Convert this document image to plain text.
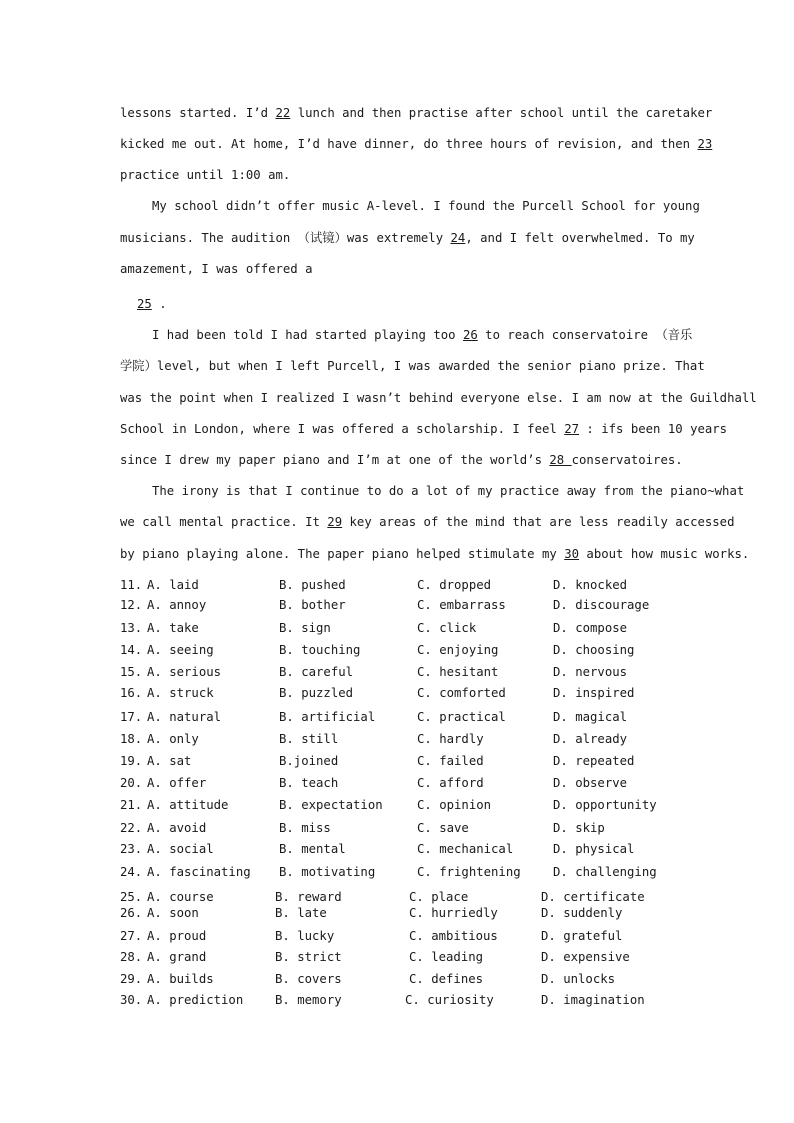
lessons started. I’d 22 lunch and then practise after school until the caretaker
kicked me out. At home, I’d have dinner, do three hours of revision, and then 23
practice until 1:00 am.
My school didn’t offer music A-level. I found the Purcell School for young
musicians. The audition （试镜）was extremely 24, and I felt overwhelmed. To my
amazement, I was offered a
25 .
I had been told I had started playing too 26 to reach conservatoire （音乐
学院）level, but when I left Purcell, I was awarded the senior piano prize. That
was the point when I realized I wasn’t behind everyone else. I am now at the Guildhall
School in London, where I was offered a scholarship. I feel 27 : ifs been 10 years
since I drew my paper piano and I’m at one of the world’s 28 conservatoires.
The irony is that I continue to do a lot of my practice away from the piano~what
we call mental practice. It 29 key areas of the mind that are less readily accessed
by piano playing alone. The paper piano helped stimulate my 30 about how music works.
11. A. laid	B. pushed	C. dropped	D. knocked
12. A. annoy	B. bother	C. embarrass	D. discourage
13. A. take	B. sign	C. click	D. compose
14. A. seeing	B. touching	C. enjoying	D. choosing
15. A. serious	B. careful	C. hesitant	D. nervous
16. A. struck	B. puzzled	C. comforted	D. inspired
17. A. natural	B. artificial	C. practical	D. magical
18. A. only	B. still	C. hardly	D. already
19. A. sat	B.joined	C. failed	D. repeated
20. A. offer	B. teach	C. afford	D. observe
21. A. attitude	B. expectation	C. opinion	D. opportunity
22. A. avoid	B. miss	C. save	D. skip
23. A. social	B. mental	C. mechanical	D. physical
24. A. fascinating B. motivating	C. frightening	D. challenging
25. A. course	B. reward	C. place	D. certificate
26. A. soon	B. late	C. hurriedly	D. suddenly
27. A. proud	B. lucky	C. ambitious	D. grateful
28. A. grand	B. strict	C. leading	D. expensive
29. A. builds	B. covers	C. defines	D. unlocks
30. A. prediction	B. memory	C. curiosity	D. imagination
